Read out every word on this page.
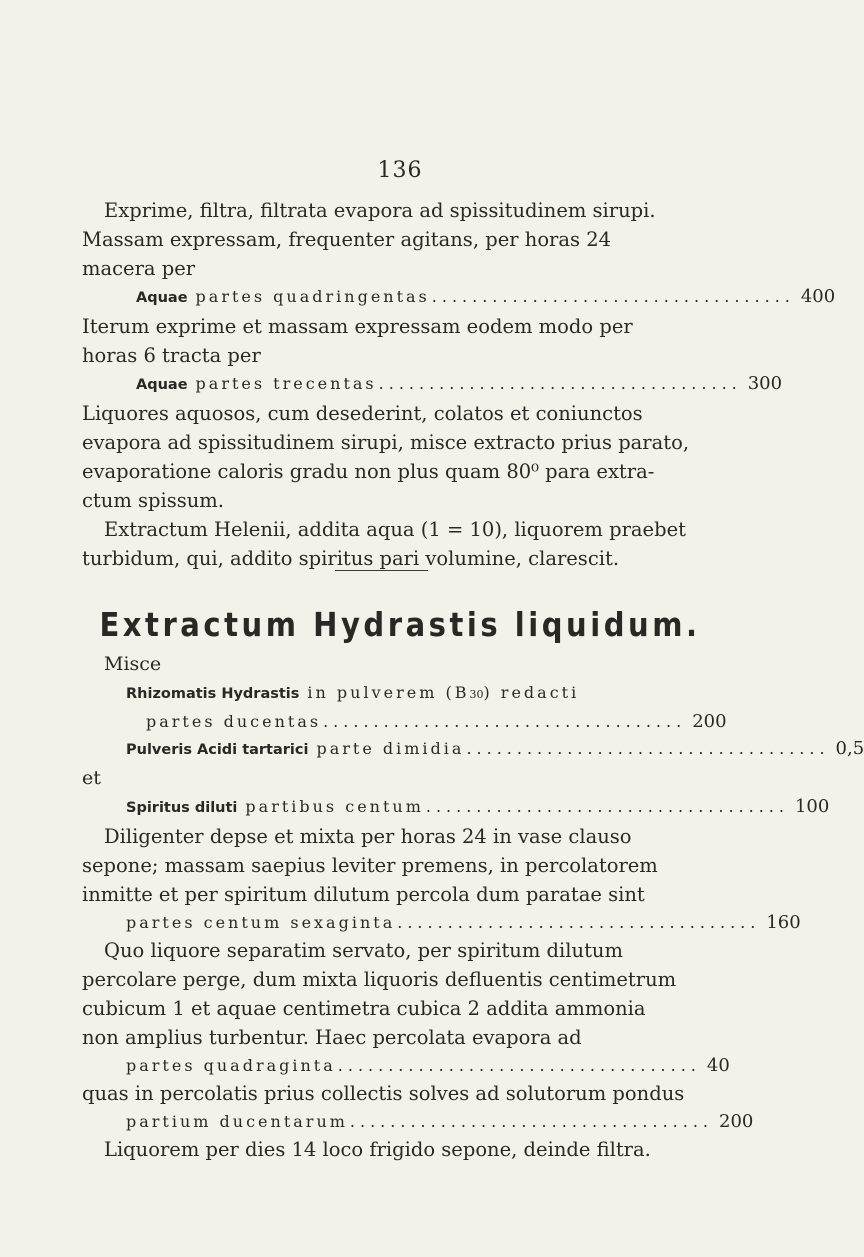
136

Exprime, filtra, filtrata evapora ad spissitudinem sirupi.

Massam expressam, frequenter agitans, per horas 24

macera per

Aquae partes quadringentas .................................... 400

Iterum exprime et massam expressam eodem modo per

horas 6 tracta per

Aquae partes trecentas .................................... 300

Liquores aquosos, cum desederint, colatos et coniunctos

evapora ad spissitudinem sirupi, misce extracto prius parato,

evaporatione caloris gradu non plus quam 80⁰ para extra-

ctum spissum.

Extractum Helenii, addita aqua (1 = 10), liquorem praebet

turbidum, qui, addito spiritus pari volumine, clarescit.

Extractum Hydrastis liquidum.

Misce

Rhizomatis Hydrastis in pulverem (B 30 ) redacti
partes ducentas .................................... 200
Pulveris Acidi tartarici parte dimidia .................................... 0,5

et

Spiritus diluti partibus centum .................................... 100

Diligenter depse et mixta per horas 24 in vase clauso

sepone; massam saepius leviter premens, in percolatorem

inmitte et per spiritum dilutum percola dum paratae sint

partes centum sexaginta .................................... 160

Quo liquore separatim servato, per spiritum dilutum

percolare perge, dum mixta liquoris defluentis centimetrum

cubicum 1 et aquae centimetra cubica 2 addita ammonia

non amplius turbentur. Haec percolata evapora ad

partes quadraginta .................................... 40

quas in percolatis prius collectis solves ad solutorum pondus

partium ducentarum .................................... 200

Liquorem per dies 14 loco frigido sepone, deinde filtra.
